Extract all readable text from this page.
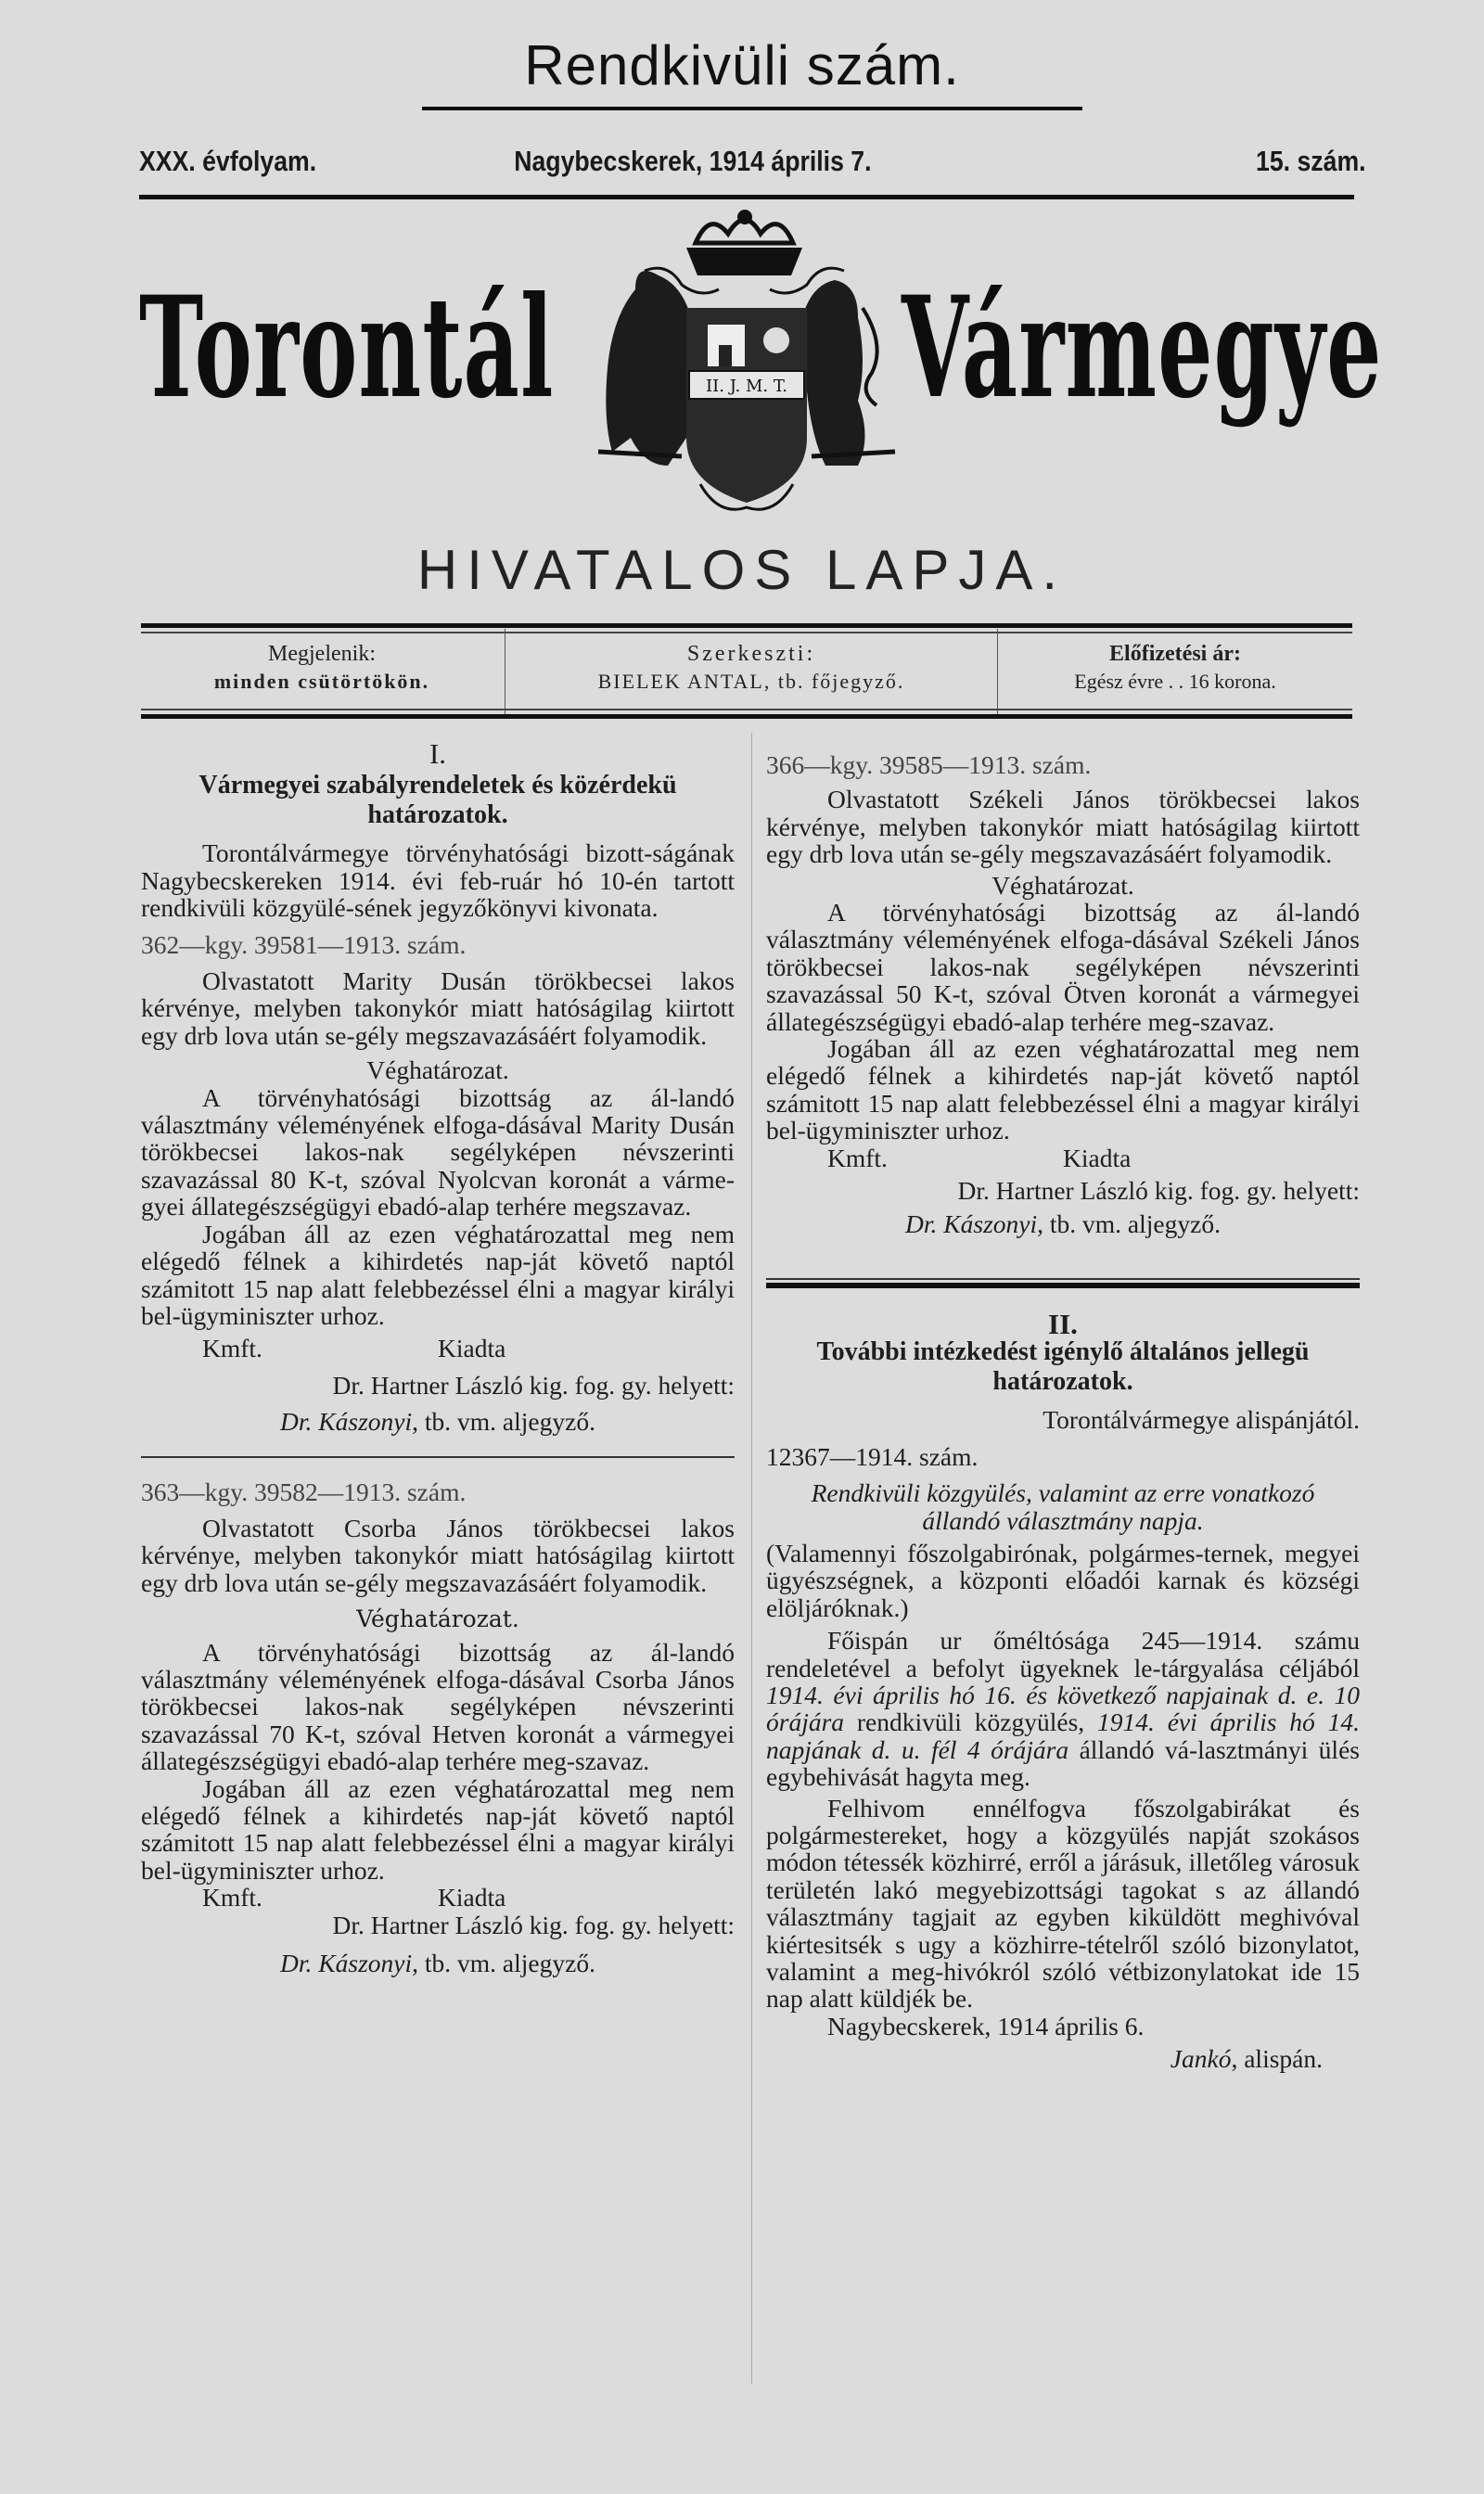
Rendkivüli szám.
XXX. évfolyam.	Nagybecskerek, 1914 április 7.	15. szám.
Torontál Vármegye
II. J. M. T.
HIVATALOS LAPJA.
Megjelenik:
minden csütörtökön.
Szerkeszti:
BIELEK ANTAL, tb. főjegyző.
Előfizetési ár:
Egész évre . . 16 korona.

I.

Vármegyei szabályrendeletek és közérdekü határozatok.

Torontálvármegye törvényhatósági bizott-ságának Nagybecskereken 1914. évi feb-ruár hó 10-én tartott rendkivüli közgyülé-sének jegyzőkönyvi kivonata.

362—kgy. 39581—1913. szám.

Olvastatott Marity Dusán törökbecsei lakos kérvénye, melyben takonykór miatt hatóságilag kiirtott egy drb lova után se-gély megszavazásáért folyamodik.

Véghatározat.

A törvényhatósági bizottság az ál-landó választmány véleményének elfoga-dásával Marity Dusán törökbecsei lakos-nak segélyképen névszerinti szavazással 80 K-t, szóval Nyolcvan koronát a várme-gyei állategészségügyi ebadó-alap terhére megszavaz.

Jogában áll az ezen véghatározattal meg nem elégedő félnek a kihirdetés nap-ját követő naptól számitott 15 nap alatt felebbezéssel élni a magyar királyi bel-ügyminiszter urhoz.

Kmft.	Kiadta

Dr. Hartner László kig. fog. gy. helyett:

Dr. Kászonyi, tb. vm. aljegyző.

363—kgy. 39582—1913. szám.

Olvastatott Csorba János törökbecsei lakos kérvénye, melyben takonykór miatt hatóságilag kiirtott egy drb lova után se-gély megszavazásáért folyamodik.

Véghatározat.

A törvényhatósági bizottság az ál-landó választmány véleményének elfoga-dásával Csorba János törökbecsei lakos-nak segélyképen névszerinti szavazással 70 K-t, szóval Hetven koronát a vármegyei állategészségügyi ebadó-alap terhére meg-szavaz.

Jogában áll az ezen véghatározattal meg nem elégedő félnek a kihirdetés nap-ját követő naptól számitott 15 nap alatt felebbezéssel élni a magyar királyi bel-ügyminiszter urhoz.

Kmft.	Kiadta

Dr. Hartner László kig. fog. gy. helyett:

Dr. Kászonyi, tb. vm. aljegyző.

366—kgy. 39585—1913. szám.

Olvastatott Székeli János törökbecsei lakos kérvénye, melyben takonykór miatt hatóságilag kiirtott egy drb lova után se-gély megszavazásáért folyamodik.

Véghatározat.

A törvényhatósági bizottság az ál-landó választmány véleményének elfoga-dásával Székeli János törökbecsei lakos-nak segélyképen névszerinti szavazással 50 K-t, szóval Ötven koronát a vármegyei állategészségügyi ebadó-alap terhére meg-szavaz.

Jogában áll az ezen véghatározattal meg nem elégedő félnek a kihirdetés nap-ját követő naptól számitott 15 nap alatt felebbezéssel élni a magyar királyi bel-ügyminiszter urhoz.

Kmft.	Kiadta

Dr. Hartner László kig. fog. gy. helyett:

Dr. Kászonyi, tb. vm. aljegyző.

II.

További intézkedést igénylő általános jellegü határozatok.

Torontálvármegye alispánjától.

12367—1914. szám.

Rendkivüli közgyülés, valamint az erre vonatkozó állandó választmány napja.

(Valamennyi főszolgabirónak, polgármes-ternek, megyei ügyészségnek, a központi előadói karnak és községi elöljáróknak.)

Főispán ur őméltósága 245—1914. számu rendeletével a befolyt ügyeknek le-tárgyalása céljából 1914. évi április hó 16. és következő napjainak d. e. 10 órájára rendkivüli közgyülés, 1914. évi április hó 14. napjának d. u. fél 4 órájára állandó vá-lasztmányi ülés egybehivását hagyta meg.

Felhivom ennélfogva főszolgabirákat és polgármestereket, hogy a közgyülés napját szokásos módon tétessék közhirré, erről a járásuk, illetőleg városuk területén lakó megyebizottsági tagokat s az állandó választmány tagjait az egyben kiküldött meghivóval kiértesitsék s ugy a közhirre-tételről szóló bizonylatot, valamint a meg-hivókról szóló vétbizonylatokat ide 15 nap alatt küldjék be.

Nagybecskerek, 1914 április 6.

Jankó, alispán.
